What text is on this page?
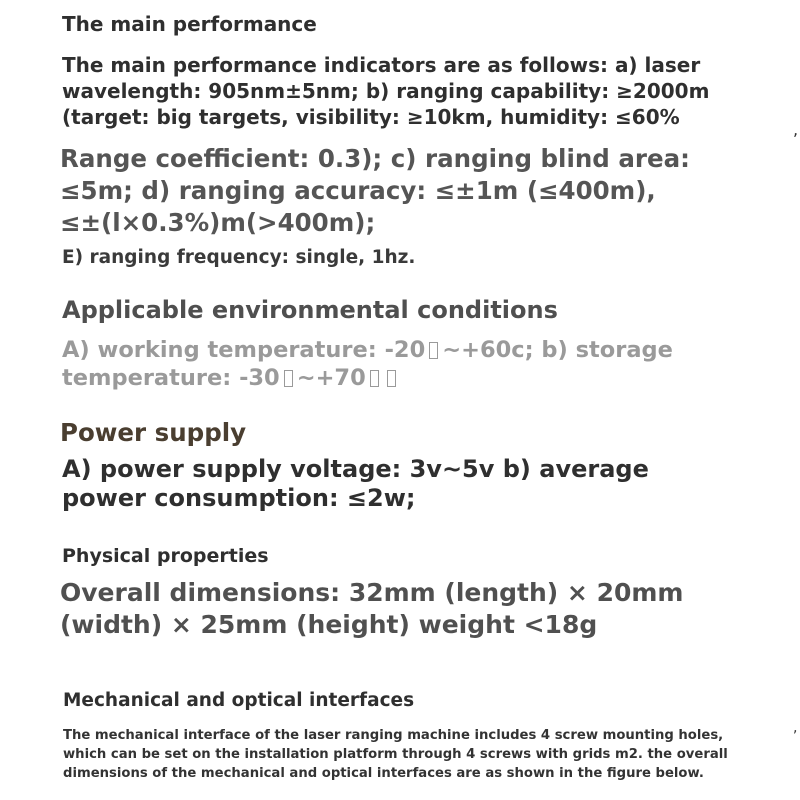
The main performance
The main performance indicators are as follows: a) laser
wavelength: 905nm±5nm; b) ranging capability: ≥2000m
(target: big targets, visibility: ≥10km, humidity: ≤60%
Range coefficient: 0.3); c) ranging blind area:
≤5m; d) ranging accuracy: ≤±1m (≤400m),
≤±(l×0.3%)m(>400m);
E) ranging frequency: single, 1hz.
Applicable environmental conditions
A) working temperature: -20 ~+60c; b) storage
temperature: -30 ~+70
Power supply
A) power supply voltage: 3v~5v b) average
power consumption: ≤2w;
Physical properties
Overall dimensions: 32mm (length) × 20mm
(width) × 25mm (height) weight <18g
Mechanical and optical interfaces
The mechanical interface of the laser ranging machine includes 4 screw mounting holes,
which can be set on the installation platform through 4 screws with grids m2. the overall
dimensions of the mechanical and optical interfaces are as shown in the figure below.
,
,
